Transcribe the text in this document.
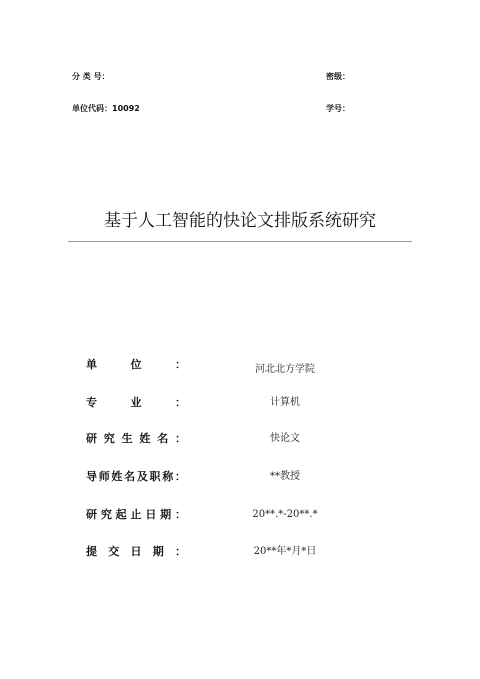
分 类 号：	密级：
单位代码：10092	学号：
基于人工智能的快论文排版系统研究
单	位	：	河北北方学院
专	业	：	计算机
研 究 生 姓 名 ：	快论文
导 师 姓 名 及 职 称 ：	**教授
研 究 起 止 日 期 ：	20**.*-20**.*
提 交 日 期 ：	20**年*月*日
